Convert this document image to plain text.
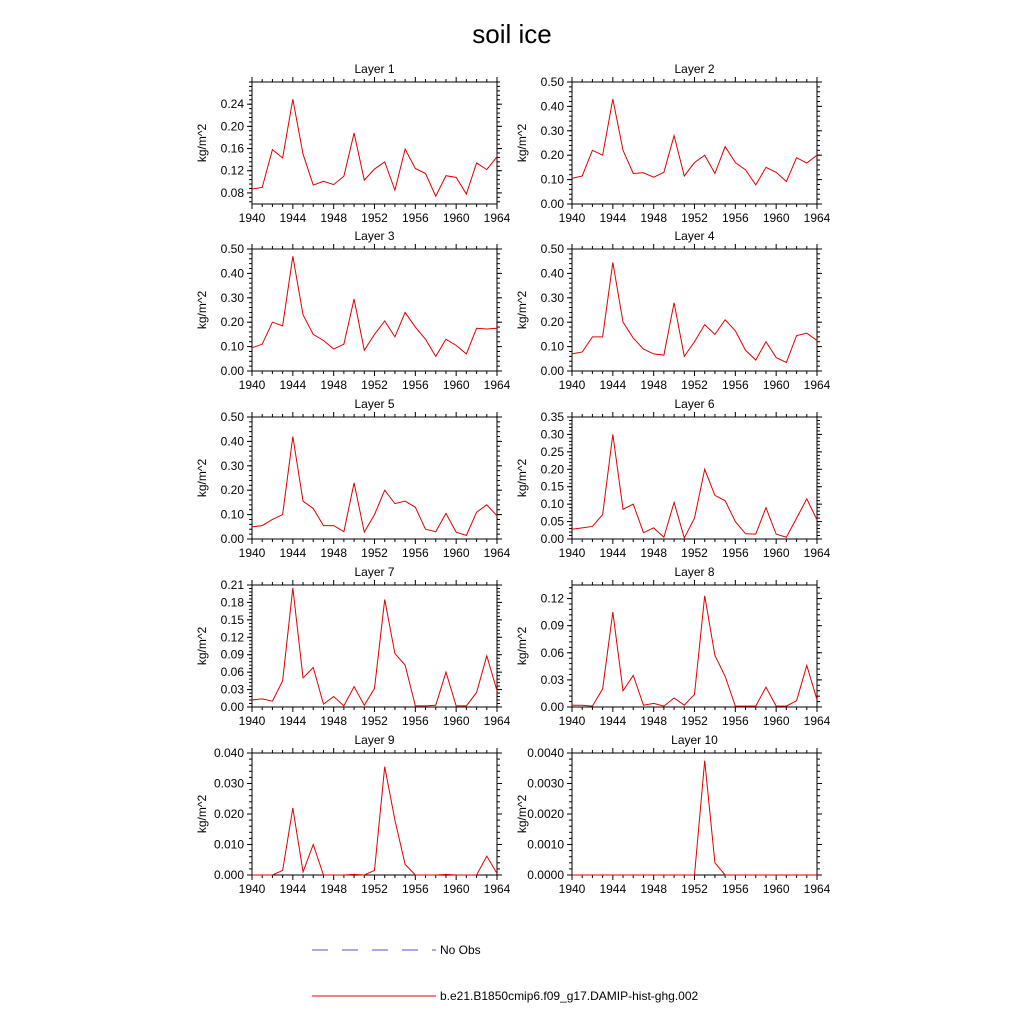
soil ice
Layer 1
1940 1944 1948 1952 1956 1960 1964
0.08
0.12
0.16
0.20
0.24
kg/m^2
Layer 2
1940 1944 1948 1952 1956 1960 1964
0.00
0.10
0.20
0.30
0.40
0.50
kg/m^2
Layer 3
1940 1944 1948 1952 1956 1960 1964
0.00
0.10
0.20
0.30
0.40
0.50
kg/m^2
Layer 4
1940 1944 1948 1952 1956 1960 1964
0.00
0.10
0.20
0.30
0.40
0.50
kg/m^2
Layer 5
1940 1944 1948 1952 1956 1960 1964
0.00
0.10
0.20
0.30
0.40
0.50
kg/m^2
Layer 6
1940 1944 1948 1952 1956 1960 1964
0.00
0.05
0.10
0.15
0.20
0.25
0.30
0.35
kg/m^2
Layer 7
1940 1944 1948 1952 1956 1960 1964
0.00
0.03
0.06
0.09
0.12
0.15
0.18
0.21
kg/m^2
Layer 8
1940 1944 1948 1952 1956 1960 1964
0.00
0.03
0.06
0.09
0.12
kg/m^2
Layer 9
1940 1944 1948 1952 1956 1960 1964
0.000
0.010
0.020
0.030
0.040
kg/m^2
Layer 10
1940 1944 1948 1952 1956 1960 1964
0.0000
0.0010
0.0020
0.0030
0.0040
kg/m^2
No Obs
b.e21.B1850cmip6.f09_g17.DAMIP-hist-ghg.002
